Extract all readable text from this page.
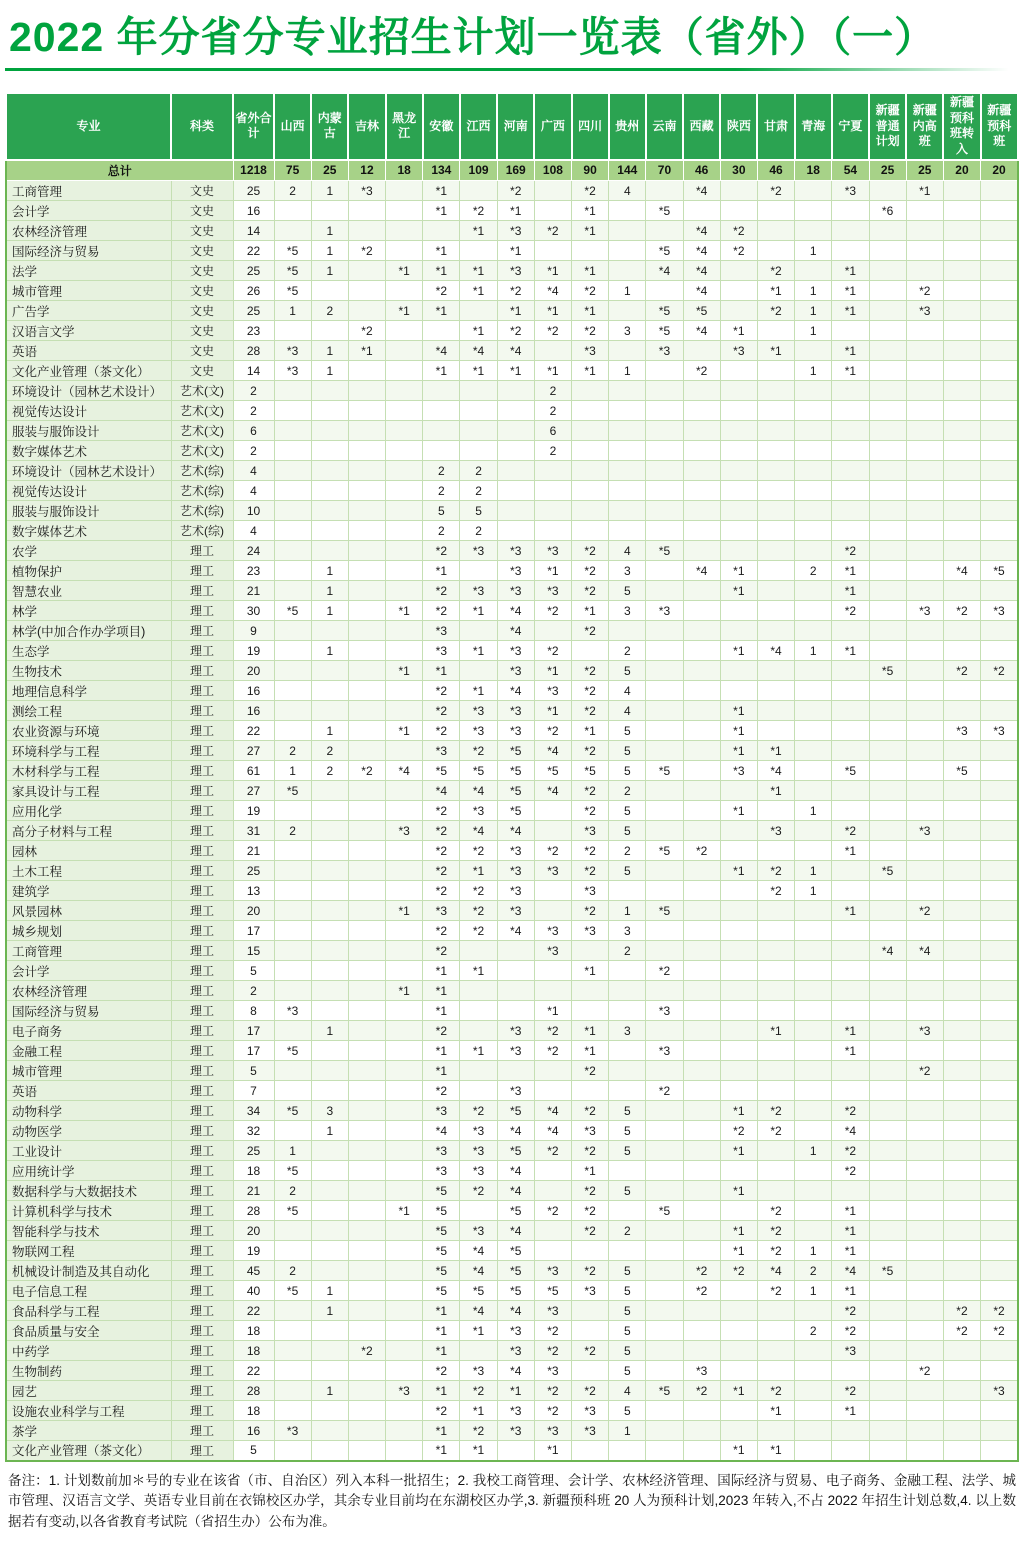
2022 年分省分专业招生计划一览表（省外）（一）
专业	科类	省外合计	山西	内蒙古	吉林	黑龙江	安徽	江西	河南	广西	四川	贵州	云南	西藏	陕西	甘肃	青海	宁夏	新疆普通计划	新疆内高班	新疆预科班转入	新疆预科班
总计		1218	75	25	12	18	134	109	169	108	90	144	70	46	30	46	18	54	25	25	20	20
工商管理	文史	25	2	1	*3		*1		*2		*2	4		*4		*2		*3		*1		
会计学	文史	16					*1	*2	*1		*1		*5						*6			
农林经济管理	文史	14		1				*1	*3	*2	*1			*4	*2							
国际经济与贸易	文史	22	*5	1	*2		*1		*1				*5	*4	*2		1					
法学	文史	25	*5	1		*1	*1	*1	*3	*1	*1		*4	*4		*2		*1				
城市管理	文史	26	*5				*2	*1	*2	*4	*2	1		*4		*1	1	*1		*2		
广告学	文史	25	1	2		*1	*1		*1	*1	*1		*5	*5		*2	1	*1		*3		
汉语言文学	文史	23			*2			*1	*2	*2	*2	3	*5	*4	*1		1					
英语	文史	28	*3	1	*1		*4	*4	*4		*3		*3		*3	*1		*1				
文化产业管理（茶文化）	文史	14	*3	1			*1	*1	*1	*1	*1	1		*2			1	*1				
环境设计（园林艺术设计）	艺术(文)	2								2												
视觉传达设计	艺术(文)	2								2												
服装与服饰设计	艺术(文)	6								6												
数字媒体艺术	艺术(文)	2								2												
环境设计（园林艺术设计）	艺术(综)	4					2	2														
视觉传达设计	艺术(综)	4					2	2														
服装与服饰设计	艺术(综)	10					5	5														
数字媒体艺术	艺术(综)	4					2	2														
农学	理工	24					*2	*3	*3	*3	*2	4	*5					*2				
植物保护	理工	23		1			*1		*3	*1	*2	3		*4	*1		2	*1			*4	*5
智慧农业	理工	21		1			*2	*3	*3	*3	*2	5			*1			*1				
林学	理工	30	*5	1		*1	*2	*1	*4	*2	*1	3	*3					*2		*3	*2	*3
林学(中加合作办学项目)	理工	9					*3		*4		*2											
生态学	理工	19		1			*3	*1	*3	*2		2			*1	*4	1	*1				
生物技术	理工	20				*1	*1		*3	*1	*2	5							*5		*2	*2
地理信息科学	理工	16					*2	*1	*4	*3	*2	4										
测绘工程	理工	16					*2	*3	*3	*1	*2	4			*1							
农业资源与环境	理工	22		1		*1	*2	*3	*3	*2	*1	5			*1						*3	*3
环境科学与工程	理工	27	2	2			*3	*2	*5	*4	*2	5			*1	*1						
木材科学与工程	理工	61	1	2	*2	*4	*5	*5	*5	*5	*5	5	*5		*3	*4		*5			*5	
家具设计与工程	理工	27	*5				*4	*4	*5	*4	*2	2				*1						
应用化学	理工	19					*2	*3	*5		*2	5			*1		1					
高分子材料与工程	理工	31	2			*3	*2	*4	*4		*3	5				*3		*2		*3		
园林	理工	21					*2	*2	*3	*2	*2	2	*5	*2				*1				
土木工程	理工	25					*2	*1	*3	*3	*2	5			*1	*2	1		*5			
建筑学	理工	13					*2	*2	*3		*3					*2	1					
风景园林	理工	20				*1	*3	*2	*3		*2	1	*5					*1		*2		
城乡规划	理工	17					*2	*2	*4	*3	*3	3										
工商管理	理工	15					*2			*3		2							*4	*4		
会计学	理工	5					*1	*1			*1		*2									
农林经济管理	理工	2				*1	*1															
国际经济与贸易	理工	8	*3				*1			*1			*3									
电子商务	理工	17		1			*2		*3	*2	*1	3				*1		*1		*3		
金融工程	理工	17	*5				*1	*1	*3	*2	*1		*3					*1				
城市管理	理工	5					*1				*2									*2		
英语	理工	7					*2		*3				*2									
动物科学	理工	34	*5	3			*3	*2	*5	*4	*2	5			*1	*2		*2				
动物医学	理工	32		1			*4	*3	*4	*4	*3	5			*2	*2		*4				
工业设计	理工	25	1				*3	*3	*5	*2	*2	5			*1		1	*2				
应用统计学	理工	18	*5				*3	*3	*4		*1							*2				
数据科学与大数据技术	理工	21	2				*5	*2	*4		*2	5			*1							
计算机科学与技术	理工	28	*5			*1	*5		*5	*2	*2		*5			*2		*1				
智能科学与技术	理工	20					*5	*3	*4		*2	2			*1	*2		*1				
物联网工程	理工	19					*5	*4	*5						*1	*2	1	*1				
机械设计制造及其自动化	理工	45	2				*5	*4	*5	*3	*2	5		*2	*2	*4	2	*4	*5			
电子信息工程	理工	40	*5	1			*5	*5	*5	*5	*3	5		*2		*2	1	*1				
食品科学与工程	理工	22		1			*1	*4	*4	*3		5						*2			*2	*2
食品质量与安全	理工	18					*1	*1	*3	*2		5					2	*2			*2	*2
中药学	理工	18			*2		*1		*3	*2	*2	5						*3				
生物制药	理工	22					*2	*3	*4	*3		5		*3						*2		
园艺	理工	28		1		*3	*1	*2	*1	*2	*2	4	*5	*2	*1	*2		*2				*3
设施农业科学与工程	理工	18					*2	*1	*3	*2	*3	5				*1		*1				
茶学	理工	16	*3				*1	*2	*3	*3	*3	1										
文化产业管理（茶文化）	理工	5					*1	*1		*1					*1	*1						
备注：1. 计划数前加＊号的专业在该省（市、自治区）列入本科一批招生；2. 我校工商管理、会计学、农林经济管理、国际经济与贸易、电子商务、金融工程、法学、城市管理、汉语言文学、英语专业目前在衣锦校区办学，其余专业目前均在东湖校区办学,3. 新疆预科班 20 人为预科计划,2023 年转入,不占 2022 年招生计划总数,4. 以上数据若有变动,以各省教育考试院（省招生办）公布为准。
